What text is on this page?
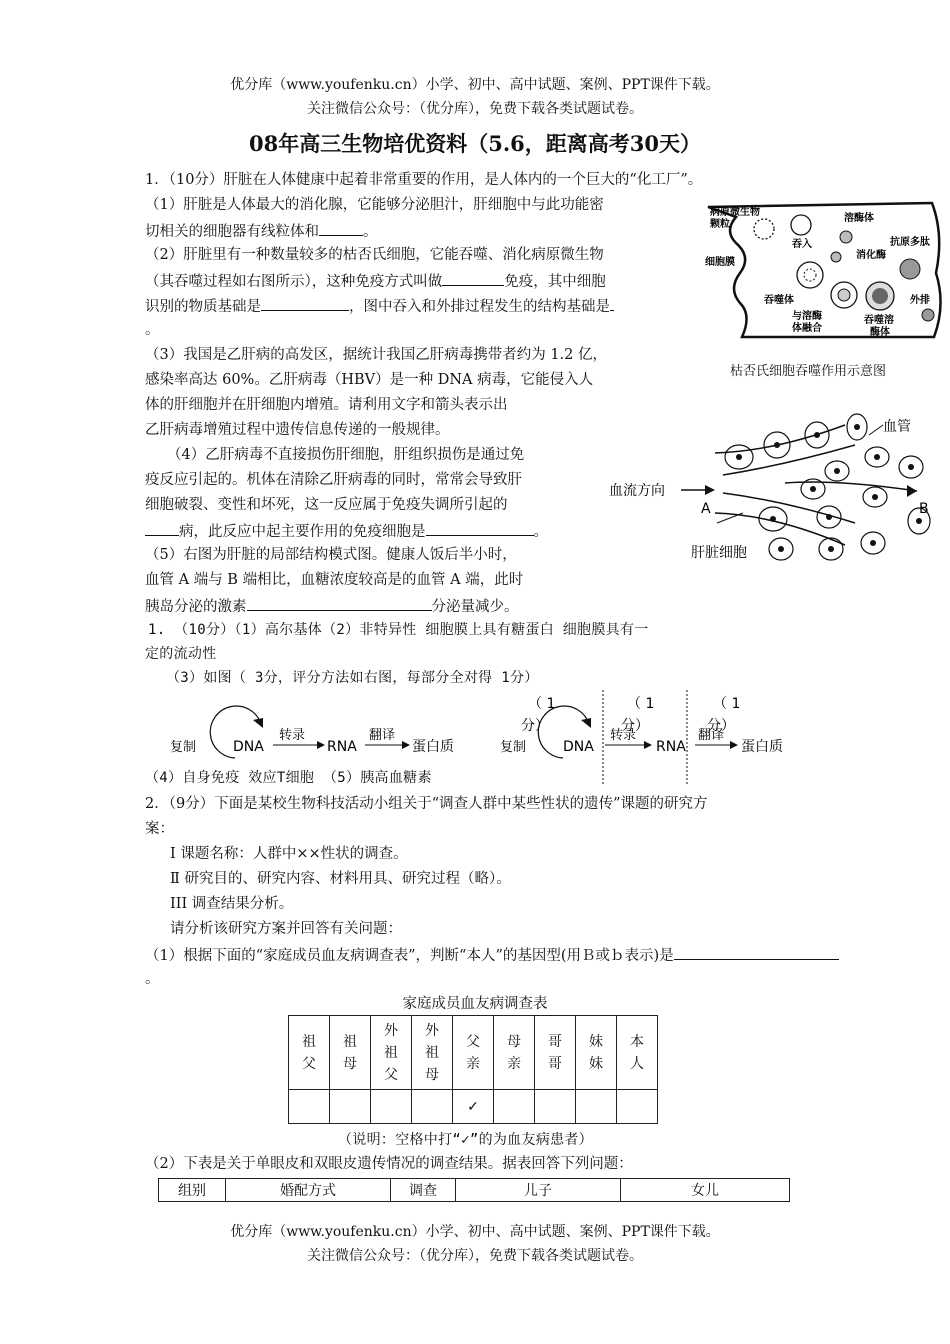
优分库（www.youfenku.cn）小学、初中、高中试题、案例、PPT课件下载。
关注微信公众号：（优分库），免费下载各类试题试卷。
08年高三生物培优资料（5.6，距离高考30天）
1．（10分）肝脏在人体健康中起着非常重要的作用，是人体内的一个巨大的“化工厂”。
（1）肝脏是人体最大的消化腺，它能够分泌胆汁，肝细胞中与此功能密
切相关的细胞器有线粒体和	。
（2）肝脏里有一种数量较多的枯否氏细胞，它能吞噬、消化病原微生物
（其吞噬过程如右图所示），这种免疫方式叫做	免疫，其中细胞
识别的物质基础是	，图中吞入和外排过程发生的结构基础是
。
（3）我国是乙肝病的高发区，据统计我国乙肝病毒携带者约为 1.2 亿，
感染率高达 60%。乙肝病毒（HBV）是一种 DNA 病毒，它能侵入人
体的肝细胞并在肝细胞内增殖。请利用文字和箭头表示出
乙肝病毒增殖过程中遗传信息传递的一般规律。
（4）乙肝病毒不直接损伤肝细胞，肝组织损伤是通过免
疫反应引起的。机体在清除乙肝病毒的同时，常常会导致肝
细胞破裂、变性和坏死，这一反应属于免疫失调所引起的
病，此反应中起主要作用的免疫细胞是	。
（5）右图为肝脏的局部结构模式图。健康人饭后半小时，
血管 A 端与 B 端相比，血糖浓度较高是的血管 A 端，此时
胰岛分泌的激素	分泌量减少。
病原微生物
颗粒
细胞膜
吞入
溶酶体
消化酶
抗原多肽
吞噬体
与溶酶
体融合
吞噬溶
酶体
外排
枯否氏细胞吞噬作用示意图
血管
血流方向
A	B
肝脏细胞
1. （10分）（1）高尔基体（2）非特异性 细胞膜上具有糖蛋白 细胞膜具有一
定的流动性
（3）如图（ 3分，评分方法如右图，每部分全对得 1分）
复制	DNA
转录
RNA
翻译
蛋白质
（ 1
分）
（ 1
分）
（ 1
分）
复制	DNA
转录
RNA
翻译
蛋白质
（4）自身免疫 效应T细胞 （5）胰高血糖素
2．（9分）下面是某校生物科技活动小组关于“调查人群中某些性状的遗传”课题的研究方
案：
Ⅰ 课题名称：人群中××性状的调查。
Ⅱ 研究目的、研究内容、材料用具、研究过程（略）。
III 调查结果分析。
请分析该研究方案并回答有关问题：
（1）根据下面的“家庭成员血友病调查表”，判断“本人”的基因型(用Ｂ或ｂ表示)是
。
家庭成员血友病调查表
祖父	祖母	外祖父	外祖母	父亲	母亲	哥哥	妹妹	本人
				✓				
（说明：空格中打“✓”的为血友病患者）
（2）下表是关于单眼皮和双眼皮遗传情况的调查结果。据表回答下列问题：
组别	婚配方式	调查	儿子	女儿
优分库（www.youfenku.cn）小学、初中、高中试题、案例、PPT课件下载。
关注微信公众号：（优分库），免费下载各类试题试卷。
